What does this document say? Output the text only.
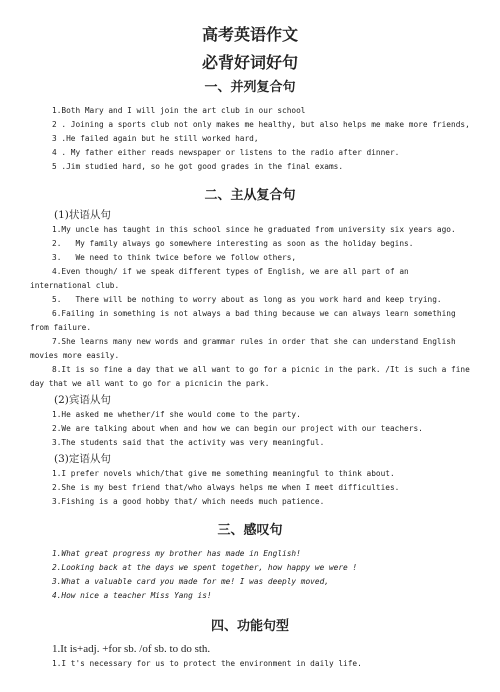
高考英语作文
必背好词好句
一、并列复合句
1.Both Mary and I will join the art club in our school
2 . Joining a sports club not only makes me healthy, but also helps me make more friends,
3 .He failed again but he still worked hard,
4 . My father either reads newspaper or listens to the radio after dinner.
5 .Jim studied hard, so he got good grades in the final exams.
二、主从复合句
(1)状语从句
1.My uncle has taught in this school since he graduated from university six years ago.
2.   My family always go somewhere interesting as soon as the holiday begins.
3.   We need to think twice before we follow others,
4.Even though/ if we speak different types of English, we are all part of an international club.
5.   There will be nothing to worry about as long as you work hard and keep trying.
6.Failing in something is not always a bad thing because we can always learn something from failure.
7.She learns many new words and grammar rules in order that she can understand English movies more easily.
8.It is so fine a day that we all want to go for a picnic in the park. /It is such a fine day that we all want to go for a picnicin the park.
(2)宾语从句
1.He asked me whether/if she would come to the party.
2.We are talking about when and how we can begin our project with our teachers.
3.The students said that the activity was very meaningful.
(3)定语从句
1.I prefer novels which/that give me something meaningful to think about.
2.She is my best friend that/who always helps me when I meet difficulties.
3.Fishing is a good hobby that/ which needs much patience.
三、感叹句
1.What great progress my brother has made in English!
2.Looking back at the days we spent together, how happy we were !
3.What a valuable card you made for me! I was deeply moved,
4.How nice a teacher Miss Yang is!
四、功能句型
1.It is+adj. +for sb. /of sb. to do sth.
1.I t's necessary for us to protect the environment in daily life.
